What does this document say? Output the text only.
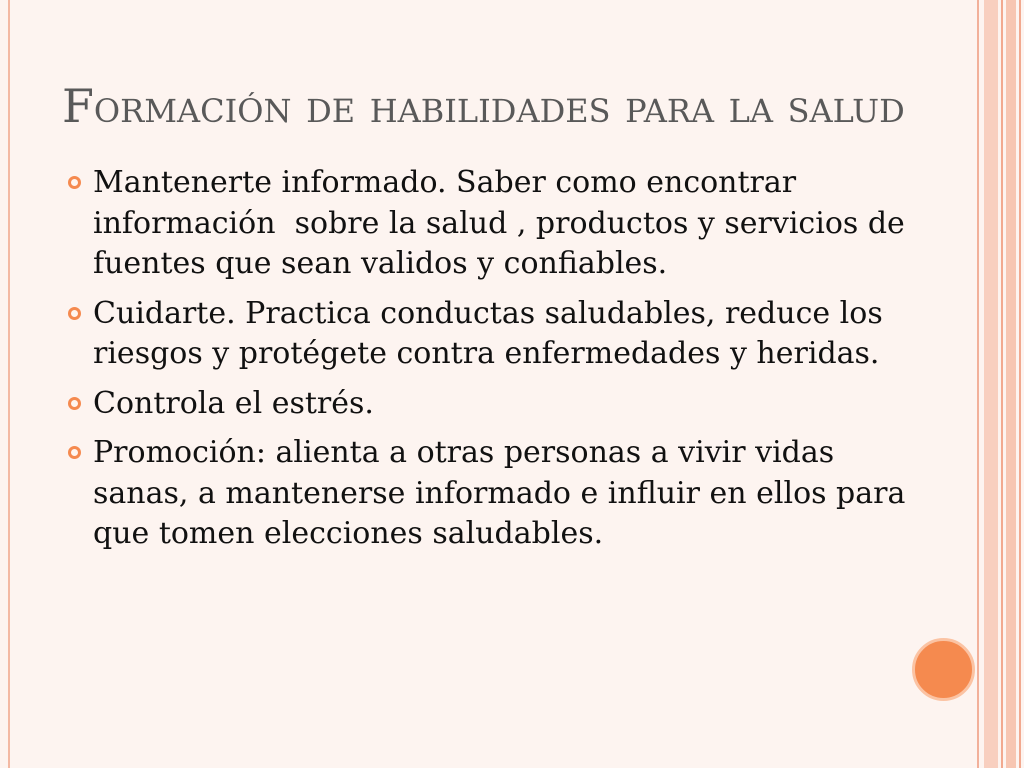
Formación de habilidades para la salud
Mantenerte informado. Saber como encontrar
información  sobre la salud , productos y servicios de
fuentes que sean validos y confiables.
Cuidarte. Practica conductas saludables, reduce los
riesgos y protégete contra enfermedades y heridas.
Controla el estrés.
Promoción: alienta a otras personas a vivir vidas
sanas, a mantenerse informado e influir en ellos para
que tomen elecciones saludables.
